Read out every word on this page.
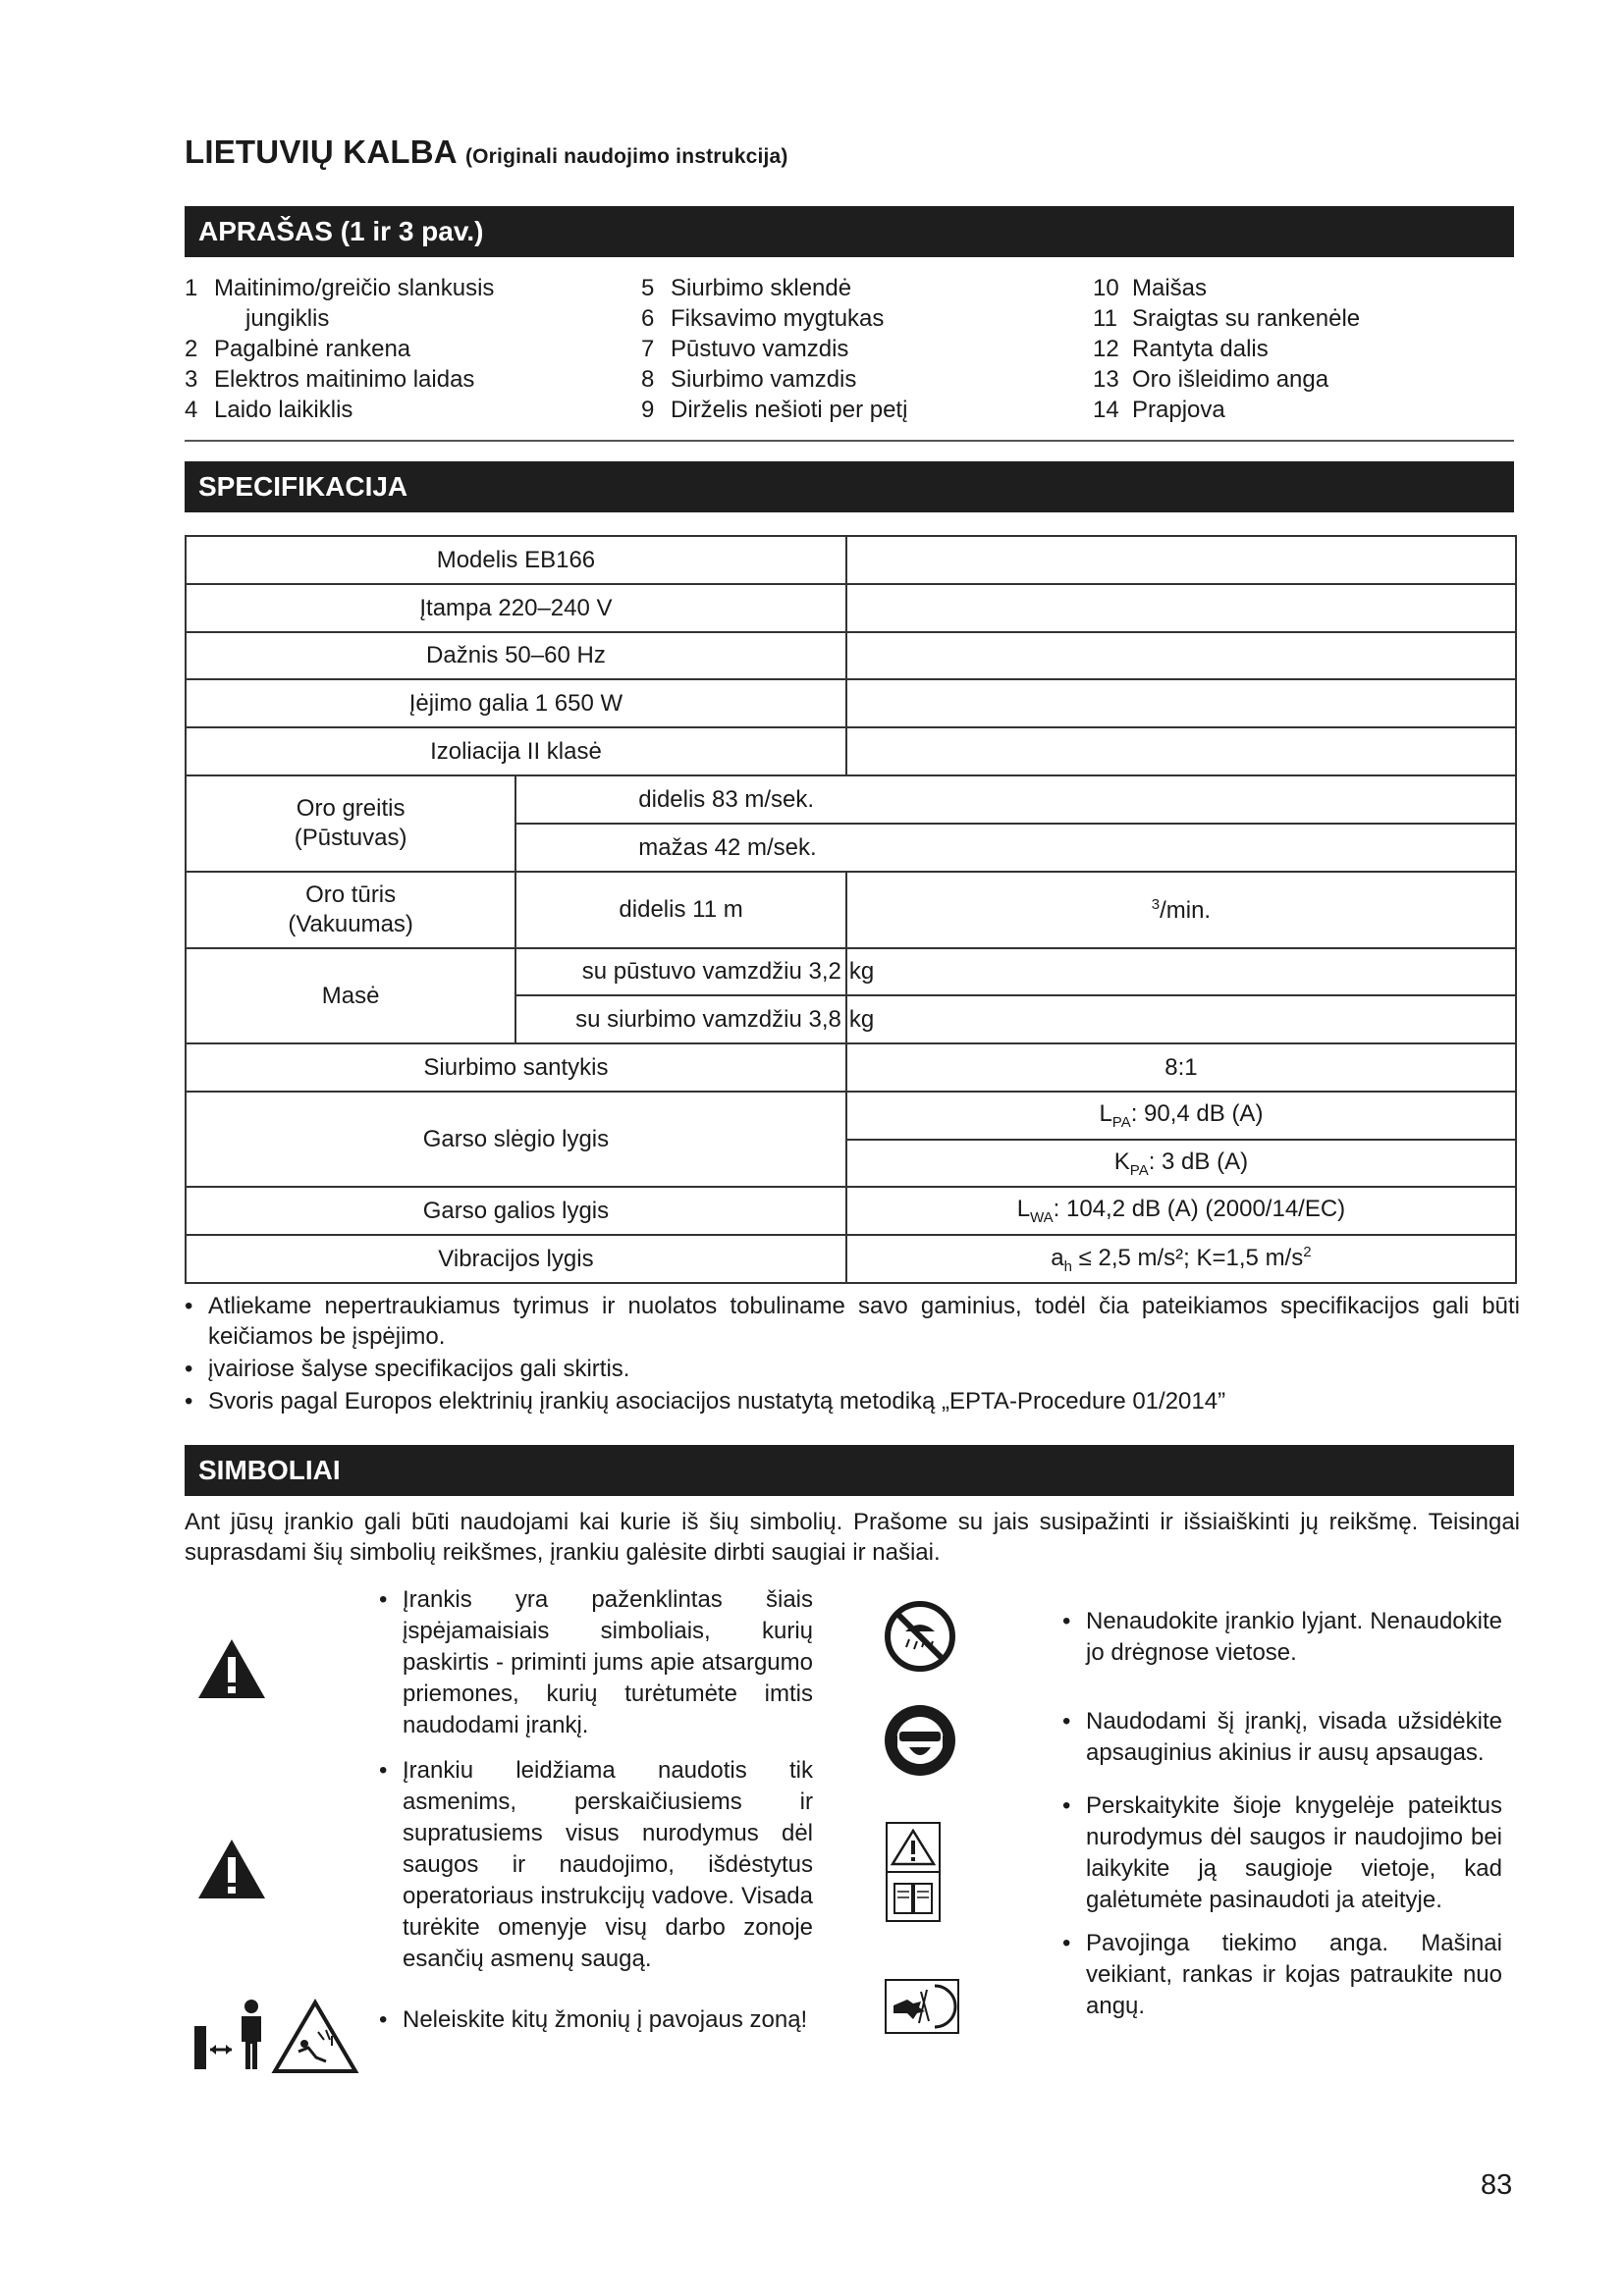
LIETUVIŲ KALBA (Originali naudojimo instrukcija)
APRAŠAS (1 ir 3 pav.)
1 Maitinimo/greičio slankusis
jungiklis
2 Pagalbinė rankena
3 Elektros maitinimo laidas
4 Laido laikiklis
5 Siurbimo sklendė
6 Fiksavimo mygtukas
7 Pūstuvo vamzdis
8 Siurbimo vamzdis
9 Dirželis nešioti per petį
10 Maišas
11 Sraigtas su rankenėle
12 Rantyta dalis
13 Oro išleidimo anga
14 Prapjova
SPECIFIKACIJA
Modelis EB166		
Įtampa 220–240 V		
Dažnis 50–60 Hz		
Įėjimo galia 1 650 W		
Izoliacija II klasė		

Oro greitis
(Pūstuvas)	didelis 83 m/sek.	
	mažas 42 m/sek.	

Oro tūris
(Vakuumas)	didelis 11 m	$^3$/min.
Masė	su pūstuvo vamzdžiu 3,2	kg
	su siurbimo vamzdžiu 3,8	kg
Siurbimo santykis		8:1
Garso slėgio lygis		$L_{PA}$: 90,4 dB (A)
		$K_{PA}$: 3 dB (A)
Garso galios lygis		$L_{WA}$: 104,2 dB (A) (2000/14/EC)
Vibracijos lygis		$a_h \le 2,5$ m/s²; K=1,5 $m/s^2$
• Atliekame nepertraukiamus tyrimus ir nuolatos tobuliname savo gaminius, todėl čia pateikiamos specifikacijos gali būti keičiamos be įspėjimo.
• įvairiose šalyse specifikacijos gali skirtis.
• Svoris pagal Europos elektrinių įrankių asociacijos nustatytą metodiką „EPTA-Procedure 01/2014”
SIMBOLIAI
Ant jūsų įrankio gali būti naudojami kai kurie iš šių simbolių. Prašome su jais susipažinti ir išsiaiškinti jų reikšmę. Teisingai suprasdami šių simbolių reikšmes, įrankiu galėsite dirbti saugiai ir našiai.
• Įrankis yra paženklintas šiais įspėjamaisiais simboliais, kurių paskirtis - priminti jums apie atsargumo priemones, kurių turėtumėte imtis naudodami įrankį.
• Įrankiu leidžiama naudotis tik asmenims, perskaičiusiems ir supratusiems visus nurodymus dėl saugos ir naudojimo, išdėstytus operatoriaus instrukcijų vadove. Visada turėkite omenyje visų darbo zonoje esančių asmenų saugą.
• Neleiskite kitų žmonių į pavojaus zoną!
• Nenaudokite įrankio lyjant. Nenaudokite jo drėgnose vietose.
• Naudodami šį įrankį, visada užsidėkite apsauginius akinius ir ausų apsaugas.
• Perskaitykite šioje knygelėje pateiktus nurodymus dėl saugos ir naudojimo bei laikykite ją saugioje vietoje, kad galėtumėte pasinaudoti ja ateityje.
• Pavojinga tiekimo anga. Mašinai veikiant, rankas ir kojas patraukite nuo angų.
83
